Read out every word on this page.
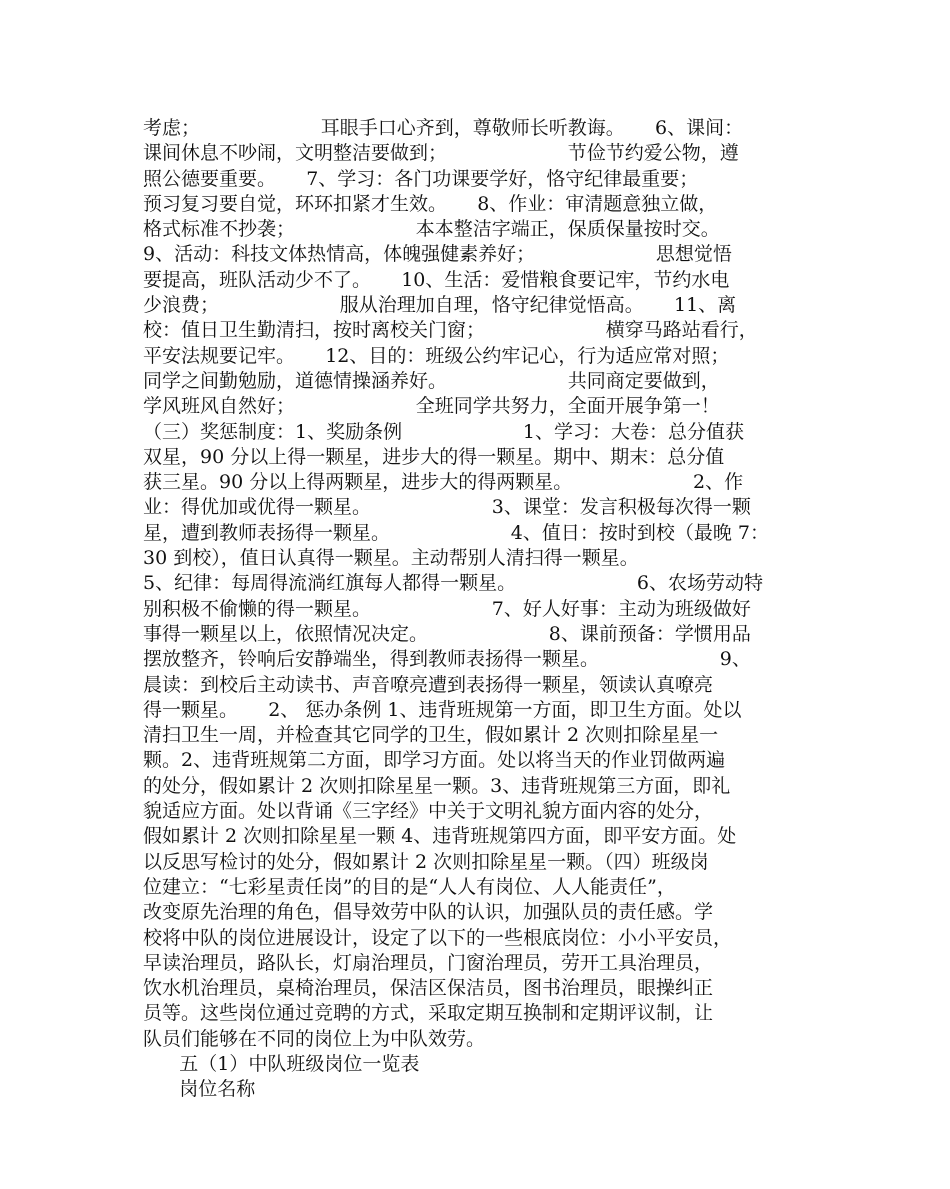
考虑；                    耳眼手口心齐到，尊敬师长听教诲。     6、课间：
课间休息不吵闹，文明整洁要做到；                    节俭节约爱公物，遵
照公德要重要。     7、学习：各门功课要学好，恪守纪律最重要；
预习复习要自觉，环环扣紧才生效。     8、作业：审清题意独立做，
格式标准不抄袭；                    本本整洁字端正，保质保量按时交。
9、活动：科技文体热情高，体魄强健素养好；                    思想觉悟
要提高，班队活动少不了。     10、生活：爱惜粮食要记牢，节约水电
少浪费；                    服从治理加自理，恪守纪律觉悟高。     11、离
校：值日卫生勤清扫，按时离校关门窗；                    横穿马路站看行，
平安法规要记牢。     12、目的：班级公约牢记心，行为适应常对照；
同学之间勤勉励，道德情操涵养好。                    共同商定要做到，
学风班风自然好；                    全班同学共努力，全面开展争第一！
（三）奖惩制度：1、奖励条例                    1、学习：大卷：总分值获
双星，90 分以上得一颗星，进步大的得一颗星。期中、期末：总分值
获三星。90 分以上得两颗星，进步大的得两颗星。                    2、作
业：得优加或优得一颗星。                    3、课堂：发言积极每次得一颗
星，遭到教师表扬得一颗星。                    4、值日：按时到校（最晚 7：
30 到校），值日认真得一颗星。主动帮别人清扫得一颗星。
5、纪律：每周得流淌红旗每人都得一颗星。                    6、农场劳动特
别积极不偷懒的得一颗星。                    7、好人好事：主动为班级做好
事得一颗星以上，依照情况决定。                    8、课前预备：学惯用品
摆放整齐，铃响后安静端坐，得到教师表扬得一颗星。                    9、
晨读：到校后主动读书、声音嘹亮遭到表扬得一颗星，领读认真嘹亮
得一颗星。     2、 惩办条例 1、违背班规第一方面，即卫生方面。处以
清扫卫生一周，并检查其它同学的卫生，假如累计 2 次则扣除星星一
颗。2、违背班规第二方面，即学习方面。处以将当天的作业罚做两遍
的处分，假如累计 2 次则扣除星星一颗。3、违背班规第三方面，即礼
貌适应方面。处以背诵《三字经》中关于文明礼貌方面内容的处分，
假如累计 2 次则扣除星星一颗 4、违背班规第四方面，即平安方面。处
以反思写检讨的处分，假如累计 2 次则扣除星星一颗。（四）班级岗
位建立：“七彩星责任岗”的目的是“人人有岗位、人人能责任”，
改变原先治理的角色，倡导效劳中队的认识，加强队员的责任感。学
校将中队的岗位进展设计，设定了以下的一些根底岗位：小小平安员，
早读治理员，路队长，灯扇治理员，门窗治理员，劳开工具治理员，
饮水机治理员，桌椅治理员，保洁区保洁员，图书治理员，眼操纠正
员等。这些岗位通过竞聘的方式，采取定期互换制和定期评议制，让
队员们能够在不同的岗位上为中队效劳。
五（1）中队班级岗位一览表
岗位名称
